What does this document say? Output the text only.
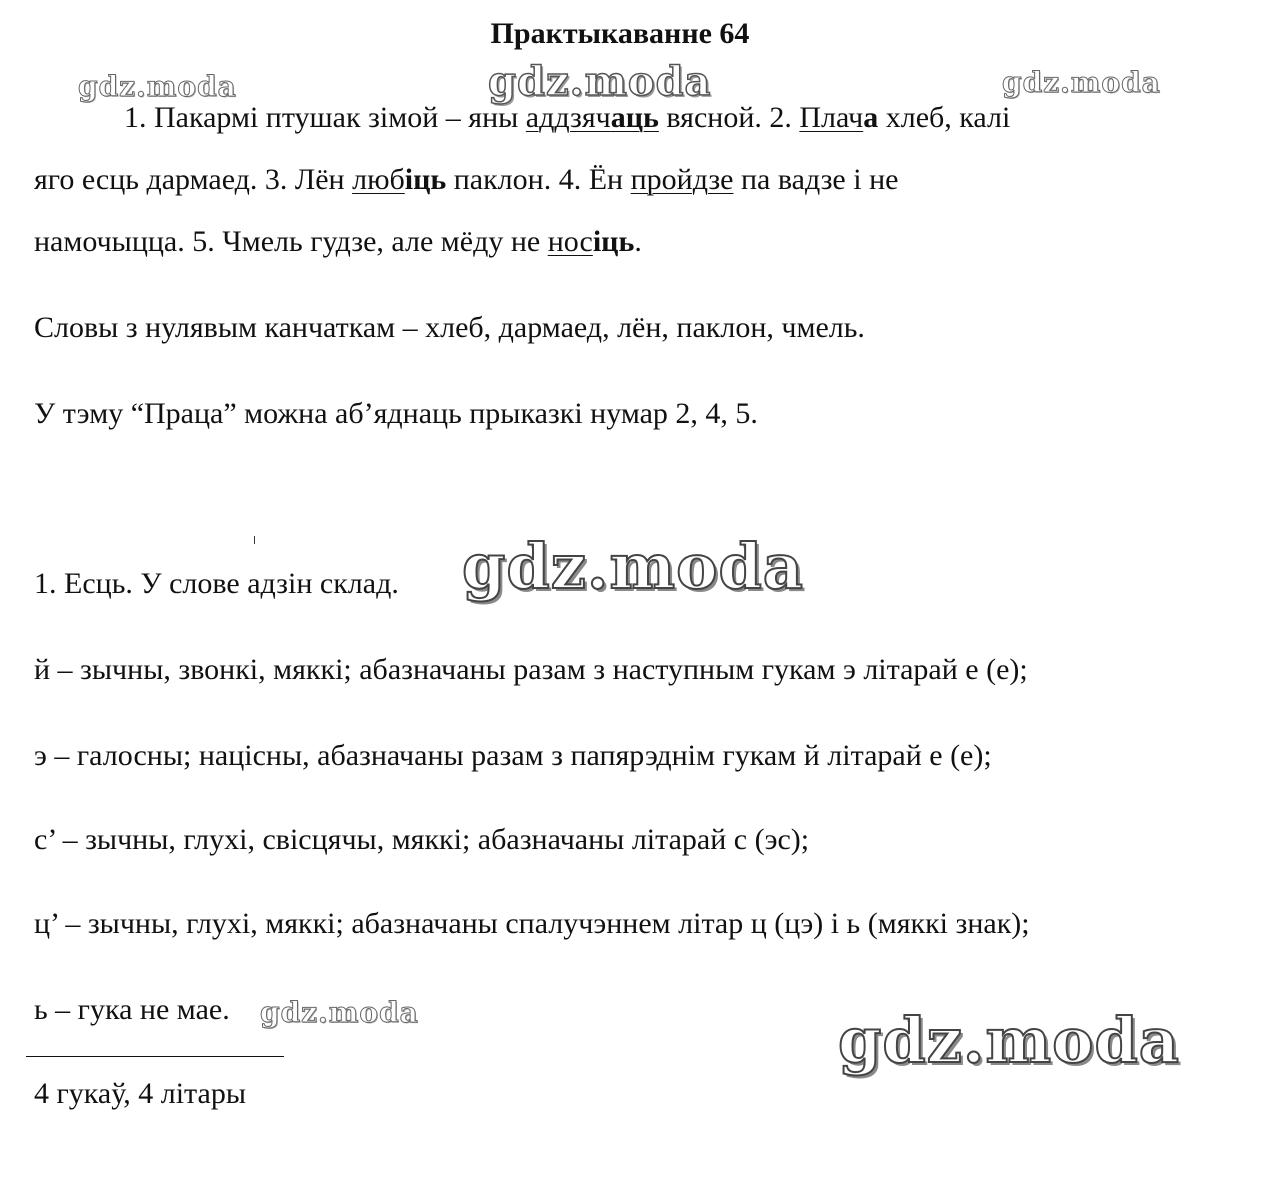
Практыкаванне 64
gdz.moda	gdz.moda	gdz.moda
1. Пакармі птушак зімой – яны аддзячаць вясной. 2. Плача хлеб, калі
яго есць дармаед. 3. Лён любіць паклон. 4. Ён пройдзе па вадзе і не
намочыцца. 5. Чмель гудзе, але мёду не носіць.
Словы з нулявым канчаткам – хлеб, дармаед, лён, паклон, чмель.
У тэму “Праца” можна аб’яднаць прыказкі нумар 2, 4, 5.
1. Есць. У слове адзін склад. gdz.moda
й – зычны, звонкі, мяккі; абазначаны разам з наступным гукам э літарай е (е);
э – галосны; націсны, абазначаны разам з папярэднім гукам й літарай е (е);
с’ – зычны, глухі, свісцячы, мяккі; абазначаны літарай с (эс);
ц’ – зычны, глухі, мяккі; абазначаны спалучэннем літар ц (цэ) і ь (мяккі знак);
ь – гука не мае. gdz.moda	gdz.moda
4 гукаў, 4 літары
